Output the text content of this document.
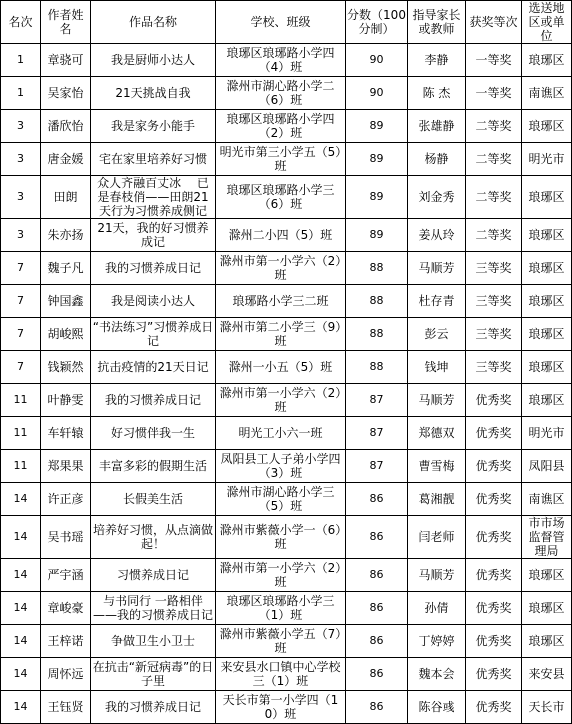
名次	作者姓名	作品名称	学校、班级	分数（100分制）	指导家长或教师	获奖等次	选送地区或单位
1	章骁可	我是厨师小达人	琅琊区琅琊路小学四（4）班	90	李静	一等奖	琅琊区
1	吴家怡	21天挑战自我	滁州市湖心路小学二（6）班	90	陈 杰	一等奖	南谯区
3	潘欣怡	我是家务小能手	琅琊区琅琊路小学四（2）班	89	张雄静	二等奖	琅琊区
3	唐金媛	宅在家里培养好习惯	明光市第三小学五（5）班	89	杨静	二等奖	明光市
3	田朗	众人齐融百丈冰　 已是春枝俏——田朗21天行为习惯养成侧记	琅琊区琅琊路小学三（6）班	89	刘金秀	二等奖	琅琊区
3	朱亦扬	21天，我的好习惯养成记	滁州二小四（5）班	89	姜从玲	二等奖	琅琊区
7	魏子凡	我的习惯养成日记	滁州市第一小学六（2）班	88	马顺芳	三等奖	琅琊区
7	钟国鑫	我是阅读小达人	琅琊路小学三二班	88	杜存青	三等奖	琅琊区
7	胡峻熙	“书法练习”习惯养成日记	滁州市第二小学三（9）班	88	彭云	三等奖	琅琊区
7	钱颖然	抗击疫情的21天日记	滁州一小五（5）班	88	钱坤	三等奖	琅琊区
11	叶静雯	我的习惯养成日记	滁州市第一小学六（2）班	87	马顺芳	优秀奖	琅琊区
11	车轩辕	好习惯伴我一生	明光工小六一班	87	郑德双	优秀奖	明光市
11	郑果果	丰富多彩的假期生活	凤阳县工人子弟小学四（3）班	87	曹雪梅	优秀奖	凤阳县
14	许正彦	长假美生活	滁州市湖心路小学三（5）班	86	葛湘靓	优秀奖	南谯区
14	吴书瑶	培养好习惯，从点滴做起！	滁州市紫薇小学一（6）班	86	闫老师	优秀奖	市市场监督管理局
14	严宇涵	习惯养成日记	滁州市第一小学六（2）班	86	马顺芳	优秀奖	琅琊区
14	章峻豪	与书同行 一路相伴——我的习惯养成日记	琅琊区琅琊路小学三（1）班	86	孙倩	优秀奖	琅琊区
14	王梓诺	争做卫生小卫士	滁州市紫薇小学五（7）班	86	丁婷婷	优秀奖	琅琊区
14	周怀远	在抗击“新冠病毒”的日子里	来安县水口镇中心学校三（1）班	86	魏本会	优秀奖	来安县
14	王钰贤	我的习惯养成日记	天长市第一小学四（10）班	86	陈谷彧	优秀奖	天长市
